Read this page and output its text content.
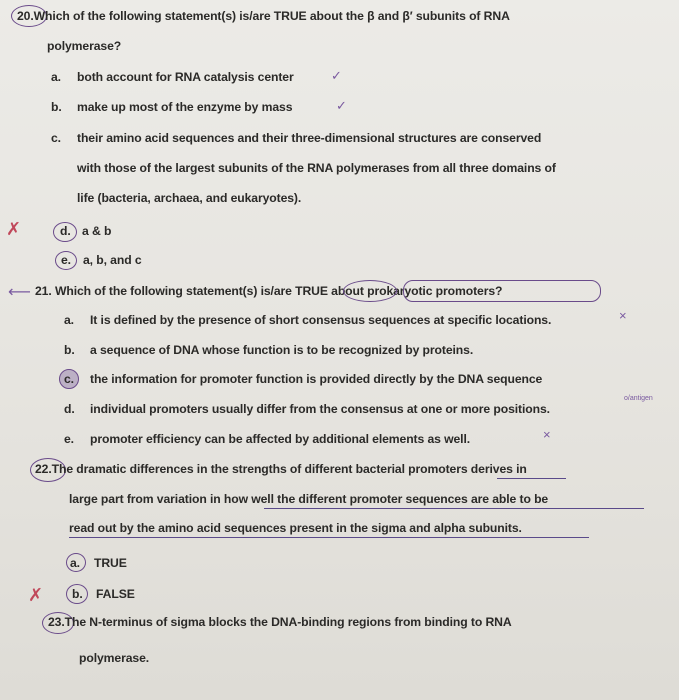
20.Which of the following statement(s) is/are TRUE about the β and β′ subunits of RNA
polymerase?
a. both account for RNA catalysis center	✓
b. make up most of the enzyme by mass	✓
c. their amino acid sequences and their three-dimensional structures are conserved
with those of the largest subunits of the RNA polymerases from all three domains of
life (bacteria, archaea, and eukaryotes).
✗	d. a & b
e. a, b, and c
⟵ 21. Which of the following statement(s) is/are TRUE about prokaryotic promoters?
a. It is defined by the presence of short consensus sequences at specific locations.	×
b. a sequence of DNA whose function is to be recognized by proteins.
c. the information for promoter function is provided directly by the DNA sequence
d. individual promoters usually differ from the consensus at one or more positions.
o/antigen
e. promoter efficiency can be affected by additional elements as well.	×
22.The dramatic differences in the strengths of different bacterial promoters derives in
large part from variation in how well the different promoter sequences are able to be
read out by the amino acid sequences present in the sigma and alpha subunits.
a. TRUE
✗ b. FALSE
23.The N-terminus of sigma blocks the DNA-binding regions from binding to RNA
polymerase.
